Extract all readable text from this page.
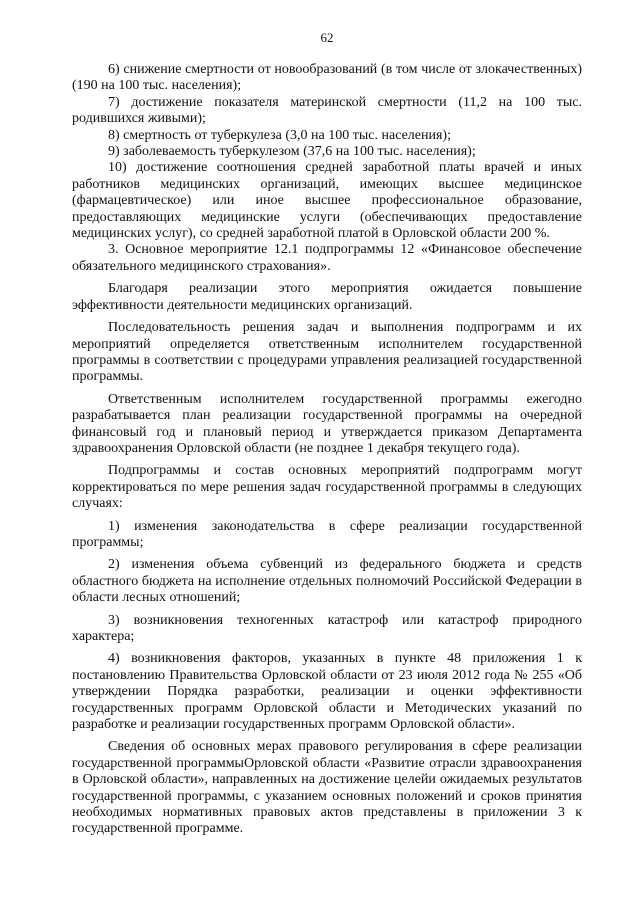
62

6) снижение смертности от новообразований (в том числе от злокачественных) (190 на 100 тыс. населения);

7) достижение показателя материнской смертности (11,2 на 100 тыс. родившихся живыми);

8) смертность от туберкулеза (3,0 на 100 тыс. населения);

9) заболеваемость туберкулезом (37,6 на 100 тыс. населения);

10) достижение соотношения средней заработной платы врачей и иных работников медицинских организаций, имеющих высшее медицинское (фармацевтическое) или иное высшее профессиональное образование, предоставляющих медицинские услуги (обеспечивающих предоставление медицинских услуг), со средней заработной платой в Орловской области 200 %.

3. Основное мероприятие 12.1 подпрограммы 12 «Финансовое обеспечение обязательного медицинского страхования».

Благодаря реализации этого мероприятия ожидается повышение эффективности деятельности медицинских организаций.

Последовательность решения задач и выполнения подпрограмм и их мероприятий определяется ответственным исполнителем государственной программы в соответствии с процедурами управления реализацией государственной программы.

Ответственным исполнителем государственной программы ежегодно разрабатывается план реализации государственной программы на очередной финансовый год и плановый период и утверждается приказом Департамента здравоохранения Орловской области (не позднее 1 декабря текущего года).

Подпрограммы и состав основных мероприятий подпрограмм могут корректироваться по мере решения задач государственной программы в следующих случаях:

1) изменения законодательства в сфере реализации государственной программы;

2) изменения объема субвенций из федерального бюджета и средств областного бюджета на исполнение отдельных полномочий Российской Федерации в области лесных отношений;

3) возникновения техногенных катастроф или катастроф природного характера;

4) возникновения факторов, указанных в пункте 48 приложения 1 к постановлению Правительства Орловской области от 23 июля 2012 года № 255 «Об утверждении Порядка разработки, реализации и оценки эффективности государственных программ Орловской области и Методических указаний по разработке и реализации государственных программ Орловской области».

Сведения об основных мерах правового регулирования в сфере реализации государственной программыОрловской области «Развитие отрасли здравоохранения в Орловской области», направленных на достижение целейи ожидаемых результатов государственной программы, с указанием основных положений и сроков принятия необходимых нормативных правовых актов представлены в приложении 3 к государственной программе.
